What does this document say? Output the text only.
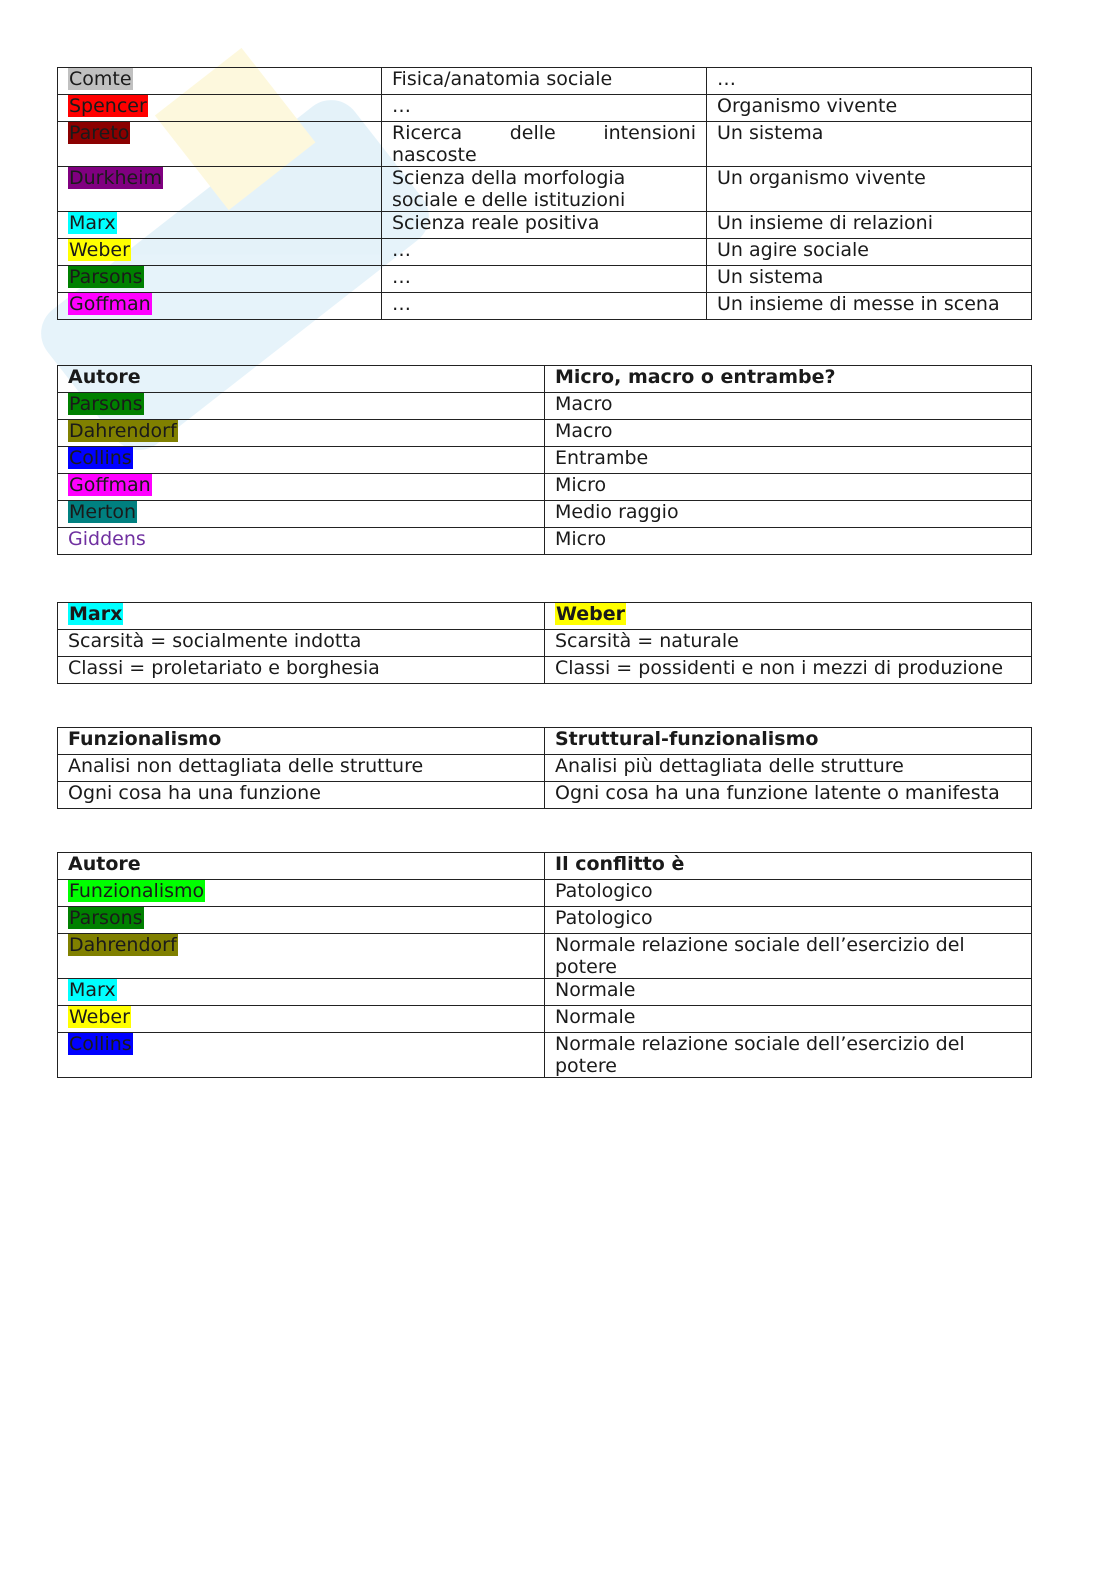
Comte	Fisica/anatomia sociale	…
Spencer	…	Organismo vivente
Pareto	Ricerca delle intensioni nascoste	Un sistema
Durkheim	Scienza della morfologia sociale e delle istituzioni	Un organismo vivente
Marx	Scienza reale positiva	Un insieme di relazioni
Weber	…	Un agire sociale
Parsons	…	Un sistema
Goffman	…	Un insieme di messe in scena
Autore	Micro, macro o entrambe?
Parsons	Macro
Dahrendorf	Macro
Collins	Entrambe
Goffman	Micro
Merton	Medio raggio
Giddens	Micro
Marx	Weber
Scarsità = socialmente indotta	Scarsità = naturale
Classi = proletariato e borghesia	Classi = possidenti e non i mezzi di produzione
Funzionalismo	Struttural-funzionalismo
Analisi non dettagliata delle strutture	Analisi più dettagliata delle strutture
Ogni cosa ha una funzione	Ogni cosa ha una funzione latente o manifesta
Autore	Il conflitto è
Funzionalismo	Patologico
Parsons	Patologico
Dahrendorf	Normale relazione sociale dell’esercizio del potere
Marx	Normale
Weber	Normale
Collins	Normale relazione sociale dell’esercizio del potere
